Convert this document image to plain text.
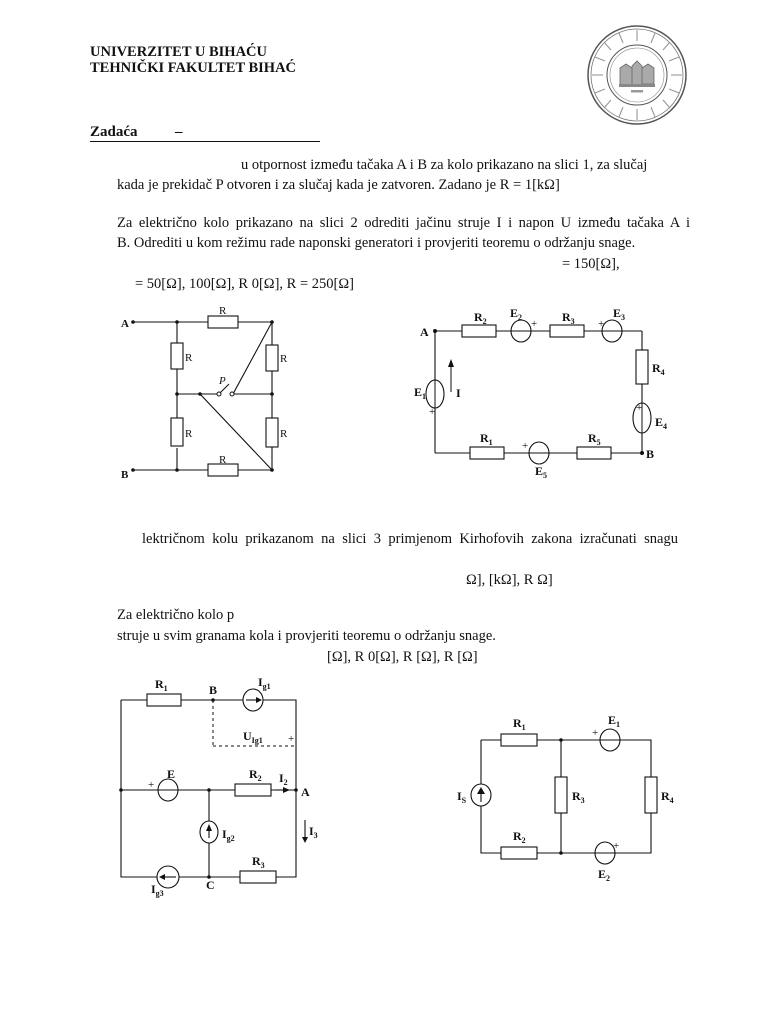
UNIVERZITET U BIHAĆU
TEHNIČKI FAKULTET BIHAĆ
Zadaća –
u otpornost između tačaka A i B za kolo prikazano na slici 1, za slučaj
kada je prekidač P otvoren i za slučaj kada je zatvoren. Zadano je R = 1[kΩ]
Za električno kolo prikazano na slici 2 odrediti jačinu struje I i napon U između tačaka A i
B. Odrediti u kom režimu rade naponski generatori i provjeriti teoremu o održanju snage.
= 150[Ω],
= 50[Ω], 100[Ω], R 0[Ω], R = 250[Ω]
A
B
R
R
R
R
R
R
P
A
B
I
$R_2$	$R_3$
$R_4$
$R_1$	$R_5$
$E_2$	$E_3$
$E_4$
$E_5$
$E_1$
+	+
+
+
+
lektričnom kolu prikazanom na slici 3 primjenom Kirhofovih zakona izračunati snagu
Ω], [kΩ], R Ω]
Za električno kolo p
struje u svim granama kola i provjeriti teoremu o održanju snage.
[Ω], R 0[Ω], R [Ω], R [Ω]
$R_1$
$R_2$
$R_3$
$I_{g1}$
$I_{g2}$
$I_{g3}$
$U_{Ig1}$
E	$I_2$
$I_3$
A
B
C
+
+
$R_1$
$R_2$
$R_3$	$R_4$
$E_1$
$E_2$
$I_S$
+
+
